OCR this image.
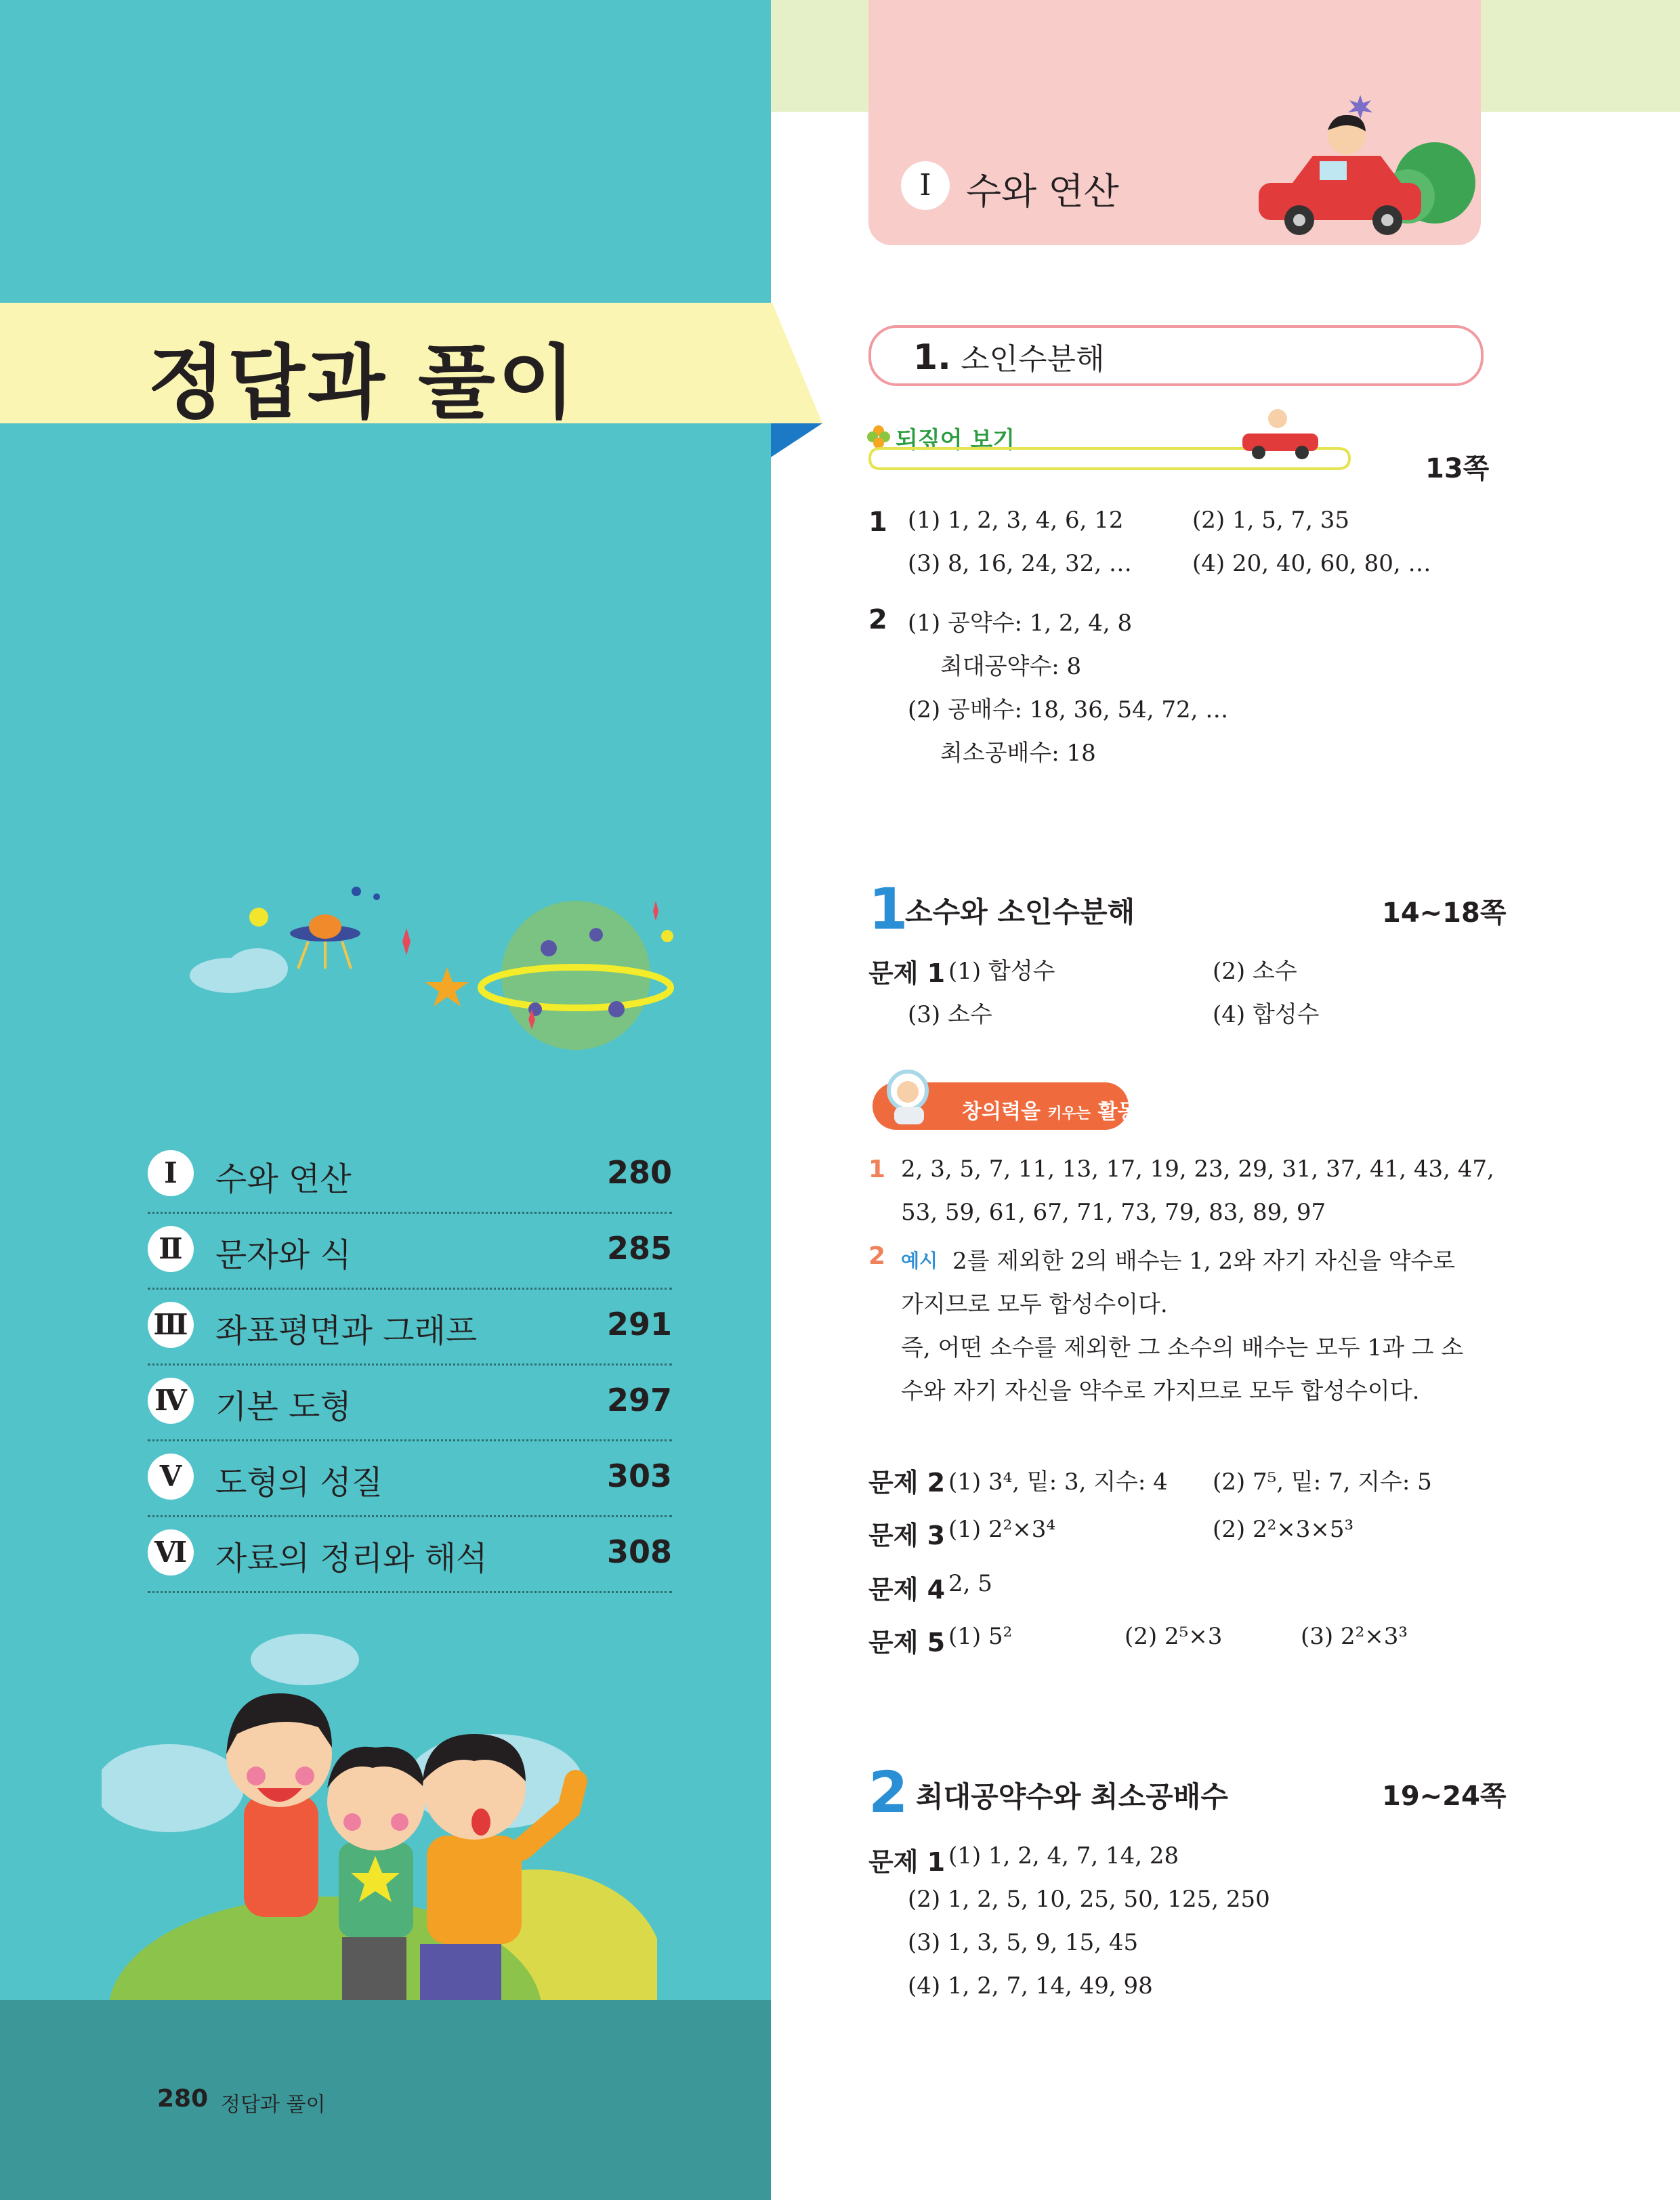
정답과 풀이
Ⅰ	수와 연산	280
Ⅱ	문자와 식	285
Ⅲ 좌표평면과 그래프	291
Ⅳ 기본 도형	297
Ⅴ	도형의 성질	303
Ⅵ 자료의 정리와 해석	308
280 정답과 풀이
Ⅰ 수와 연산
1. 소인수분해
되짚어 보기
13쪽
1 (1) 1, 2, 3, 4, 6, 12	(2) 1, 5, 7, 35
(3) 8, 16, 24, 32, …	(4) 20, 40, 60, 80, …
2 (1) 공약수: 1, 2, 4, 8
최대공약수: 8
(2) 공배수: 18, 36, 54, 72, …
최소공배수: 18
1
소수와 소인수분해	14~18쪽
문제 1 (1) 합성수	(2) 소수
(3) 소수	(4) 합성수
창의력을 키우는 활동
1 2, 3, 5, 7, 11, 13, 17, 19, 23, 29, 31, 37, 41, 43, 47,
53, 59, 61, 67, 71, 73, 79, 83, 89, 97
2 예시 2를 제외한 2의 배수는 1, 2와 자기 자신을 약수로
가지므로 모두 합성수이다.
즉, 어떤 소수를 제외한 그 소수의 배수는 모두 1과 그 소
수와 자기 자신을 약수로 가지므로 모두 합성수이다.
문제 2 (1) 3⁴, 밑: 3, 지수: 4 (2) 7⁵, 밑: 7, 지수: 5
문제 3 (1) 2²×3⁴	(2) 2²×3×5³
문제 4 2, 5
문제 5 (1) 5²	(2) 2⁵×3	(3) 2²×3³
2 최대공약수와 최소공배수	19~24쪽
문제 1 (1) 1, 2, 4, 7, 14, 28
(2) 1, 2, 5, 10, 25, 50, 125, 250
(3) 1, 3, 5, 9, 15, 45
(4) 1, 2, 7, 14, 49, 98
